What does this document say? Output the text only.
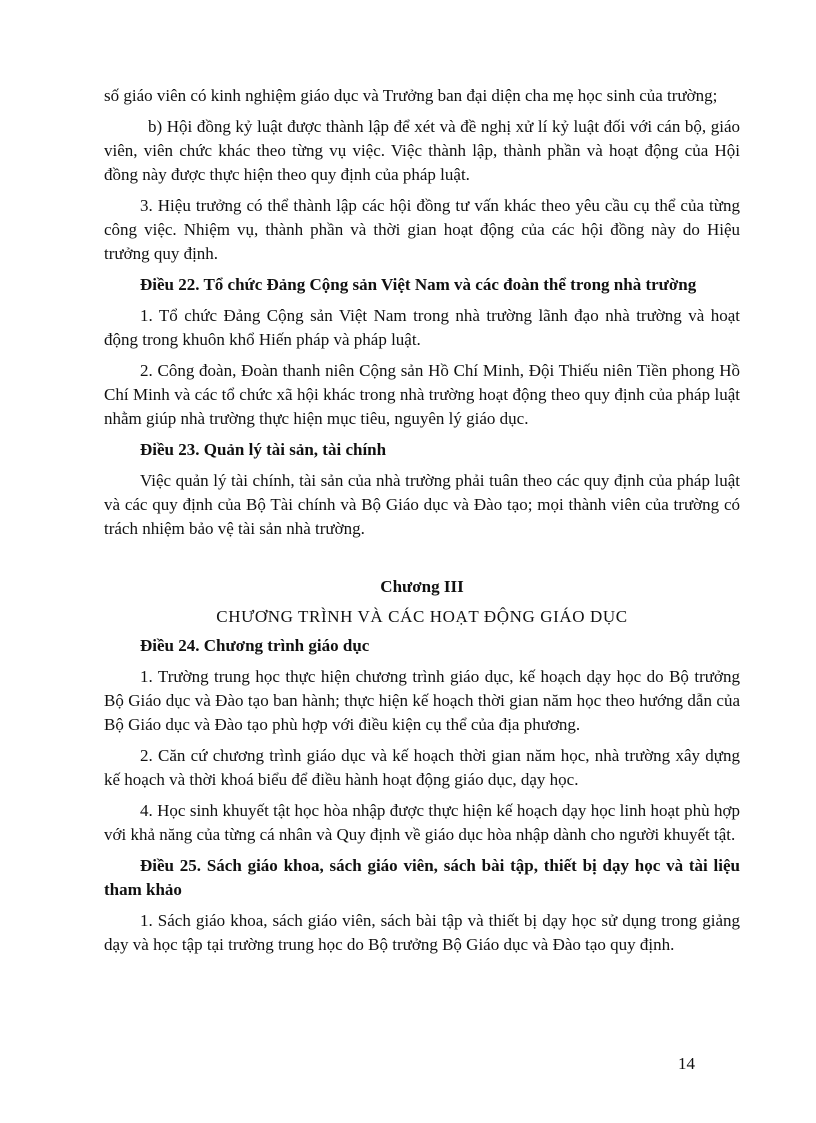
số giáo viên có kinh nghiệm giáo dục và Trưởng ban đại diện cha mẹ học sinh của trường;

b) Hội đồng kỷ luật được thành lập để xét và đề nghị xử lí kỷ luật đối với cán bộ, giáo viên, viên chức khác theo từng vụ việc. Việc thành lập, thành phần và hoạt động của Hội đồng này được thực hiện theo quy định của pháp luật.

3. Hiệu trưởng có thể thành lập các hội đồng tư vấn khác theo yêu cầu cụ thể của từng công việc. Nhiệm vụ, thành phần và thời gian hoạt động của các hội đồng này do Hiệu trưởng quy định.

Điều 22. Tổ chức Đảng Cộng sản Việt Nam và các đoàn thể trong nhà trường

1. Tổ chức Đảng Cộng sản Việt Nam trong nhà trường lãnh đạo nhà trường và hoạt động trong khuôn khổ Hiến pháp và pháp luật.

2. Công đoàn, Đoàn thanh niên Cộng sản Hồ Chí Minh, Đội Thiếu niên Tiền phong Hồ Chí Minh và các tổ chức xã hội khác trong nhà trường hoạt động theo quy định của pháp luật nhằm giúp nhà trường thực hiện mục tiêu, nguyên lý giáo dục.

Điều 23. Quản lý tài sản, tài chính

Việc quản lý tài chính, tài sản của nhà trường phải tuân theo các quy định của pháp luật và các quy định của Bộ Tài chính và Bộ Giáo dục và Đào tạo; mọi thành viên của trường có trách nhiệm bảo vệ tài sản nhà trường.

Chương III

CHƯƠNG TRÌNH VÀ CÁC HOẠT ĐỘNG GIÁO DỤC

Điều 24. Chương trình giáo dục

1. Trường trung học thực hiện chương trình giáo dục, kế hoạch dạy học do Bộ trưởng Bộ Giáo dục và Đào tạo ban hành; thực hiện kế hoạch thời gian năm học theo hướng dẫn của Bộ Giáo dục và Đào tạo phù hợp với điều kiện cụ thể của địa phương.

2. Căn cứ chương trình giáo dục và kế hoạch thời gian năm học, nhà trường xây dựng kế hoạch và thời khoá biểu để điều hành hoạt động giáo dục, dạy học.

4. Học sinh khuyết tật học hòa nhập được thực hiện kế hoạch dạy học linh hoạt phù hợp với khả năng của từng cá nhân và Quy định về giáo dục hòa nhập dành cho người khuyết tật.

Điều 25. Sách giáo khoa, sách giáo viên, sách bài tập, thiết bị dạy học và tài liệu tham khảo

1. Sách giáo khoa, sách giáo viên, sách bài tập và thiết bị dạy học sử dụng trong giảng dạy và học tập tại trường trung học do Bộ trưởng Bộ Giáo dục và Đào tạo quy định.

14
